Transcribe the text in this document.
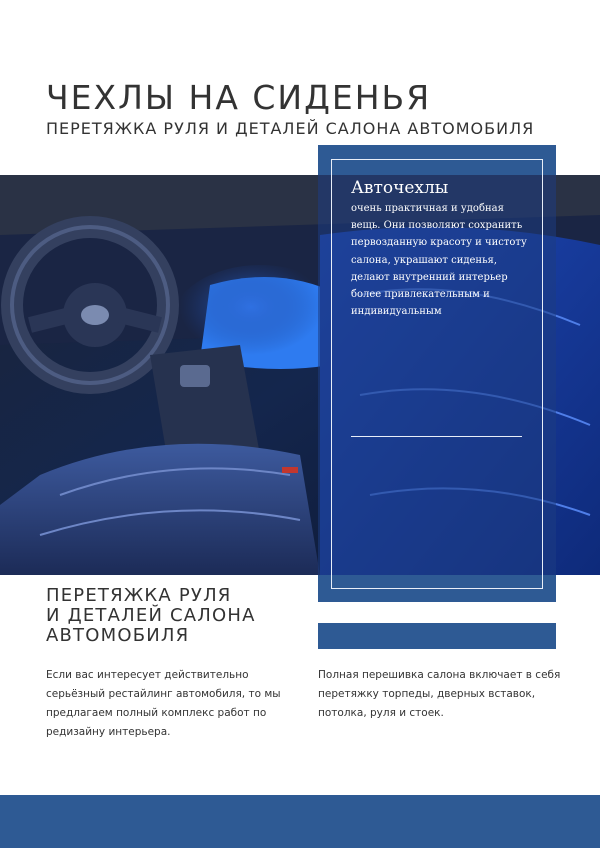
ЧЕХЛЫ НА СИДЕНЬЯ
ПЕРЕТЯЖКА РУЛЯ И ДЕТАЛЕЙ САЛОНА АВТОМОБИЛЯ
Авточехлы
очень практичная и удобная вещь. Они позволяют сохранить первозданную красоту и чистоту салона, украшают сиденья, делают внутренний интерьер более привлекательным и индивидуальным
ПЕРЕТЯЖКА РУЛЯ
И ДЕТАЛЕЙ САЛОНА
АВТОМОБИЛЯ

Если вас интересует действительно серьёзный рестайлинг автомобиля, то мы предлагаем полный комплекс работ по редизайну интерьера.

Полная перешивка салона включает в себя перетяжку торпеды, дверных вставок, потолка, руля и стоек.
